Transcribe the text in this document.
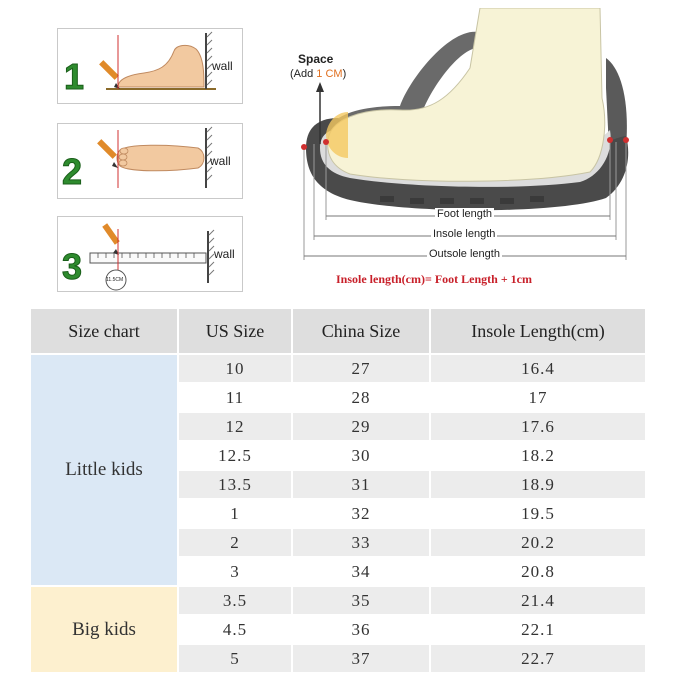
1	wall
2	wall
3	11.5CM
wall
Space
(Add 1 CM)
Foot length
Insole length
Outsole length
Insole length(cm)= Foot Length + 1cm
Size chart	US Size	China Size	Insole Length(cm)
Little kids	10	27	16.4
	11	28	17
	12	29	17.6
	12.5	30	18.2
	13.5	31	18.9
	1	32	19.5
	2	33	20.2
	3	34	20.8
Big kids	3.5	35	21.4
	4.5	36	22.1
	5	37	22.7
